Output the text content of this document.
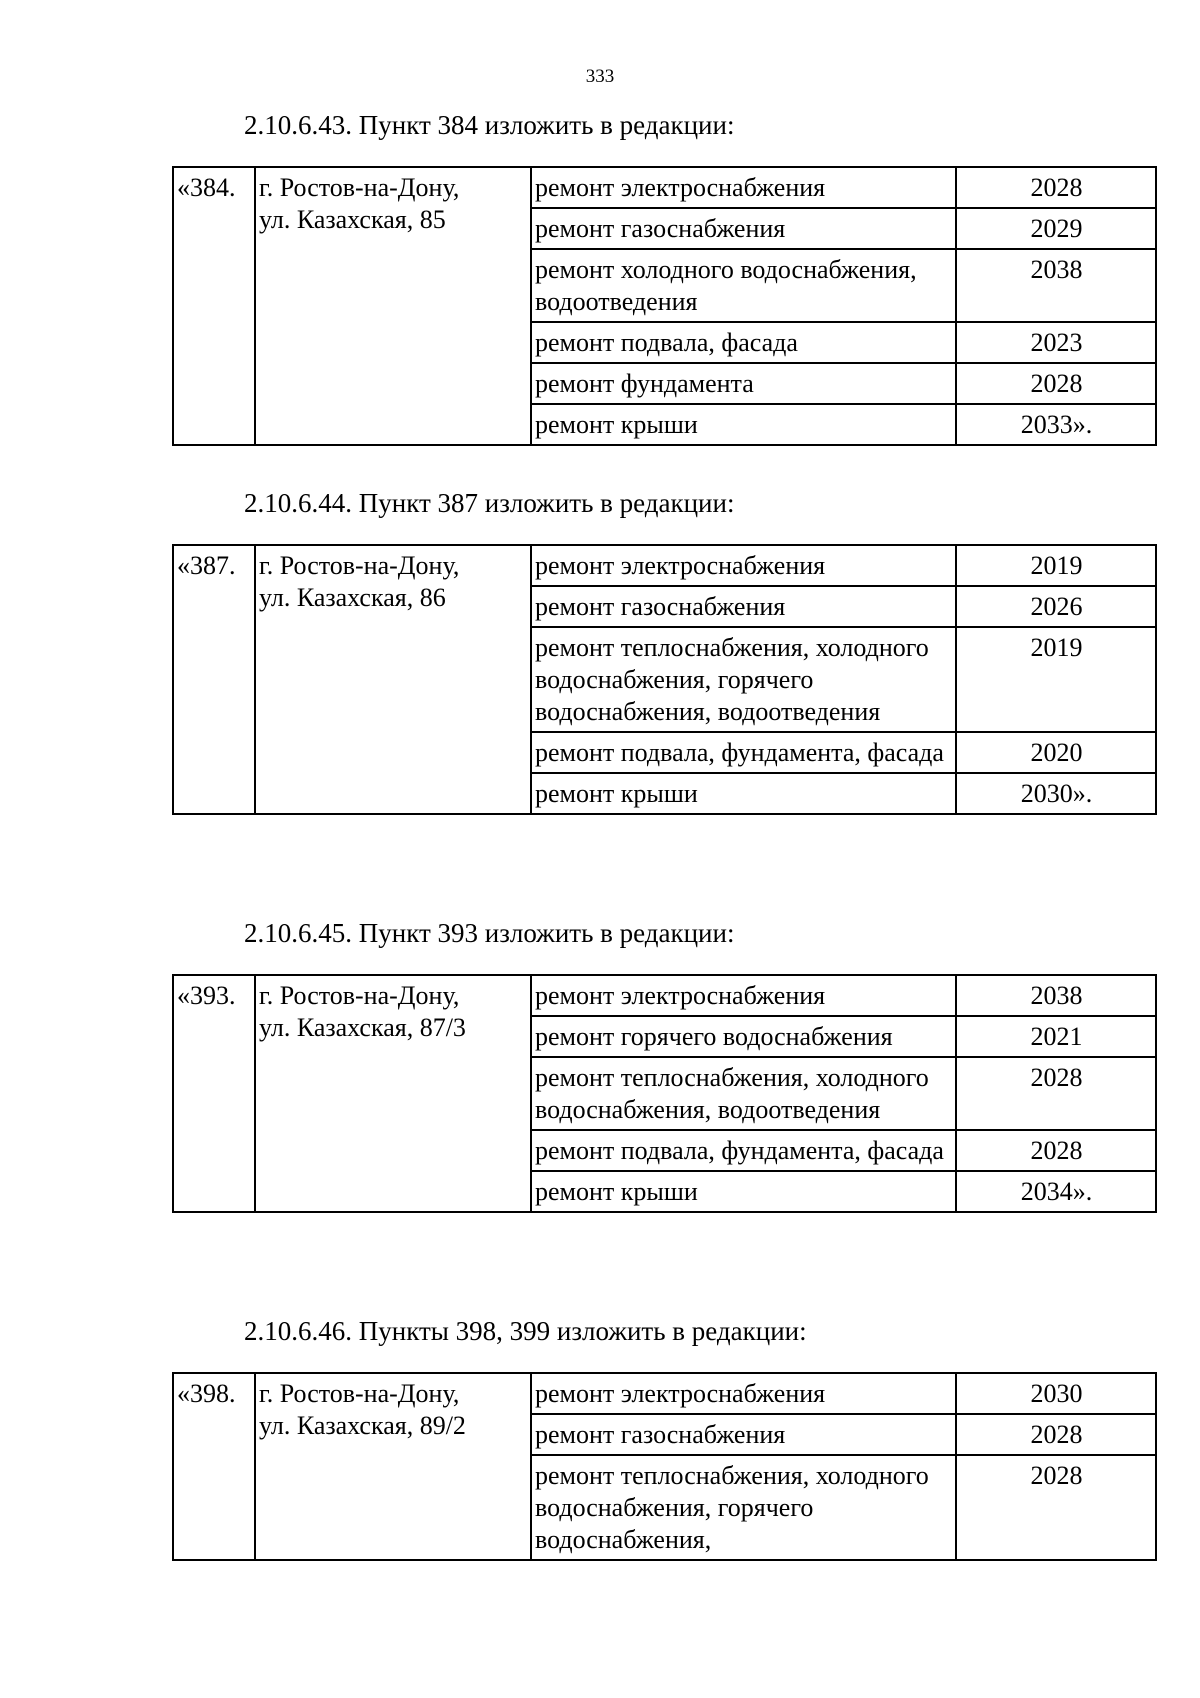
333

2.10.6.43. Пункт 384 изложить в редакции:

«384.	г. Ростов-на-Дону,
ул. Казахская, 85	ремонт электроснабжения	2028
		ремонт газоснабжения	2029
		ремонт холодного водоснабжения, водоотведения	2038
		ремонт подвала, фасада	2023
		ремонт фундамента	2028
		ремонт крыши	2033».

2.10.6.44. Пункт 387 изложить в редакции:

«387.	г. Ростов-на-Дону,
ул. Казахская, 86	ремонт электроснабжения	2019
		ремонт газоснабжения	2026
		ремонт теплоснабжения, холодного водоснабжения, горячего водоснабжения, водоотведения	2019
		ремонт подвала, фундамента, фасада	2020
		ремонт крыши	2030».

2.10.6.45. Пункт 393 изложить в редакции:

«393.	г. Ростов-на-Дону,
ул. Казахская, 87/3	ремонт электроснабжения	2038
		ремонт горячего водоснабжения	2021
		ремонт теплоснабжения, холодного водоснабжения, водоотведения	2028
		ремонт подвала, фундамента, фасада	2028
		ремонт крыши	2034».

2.10.6.46. Пункты 398, 399 изложить в редакции:

«398.	г. Ростов-на-Дону,
ул. Казахская, 89/2	ремонт электроснабжения	2030
		ремонт газоснабжения	2028
		ремонт теплоснабжения, холодного водоснабжения, горячего водоснабжения,	2028
